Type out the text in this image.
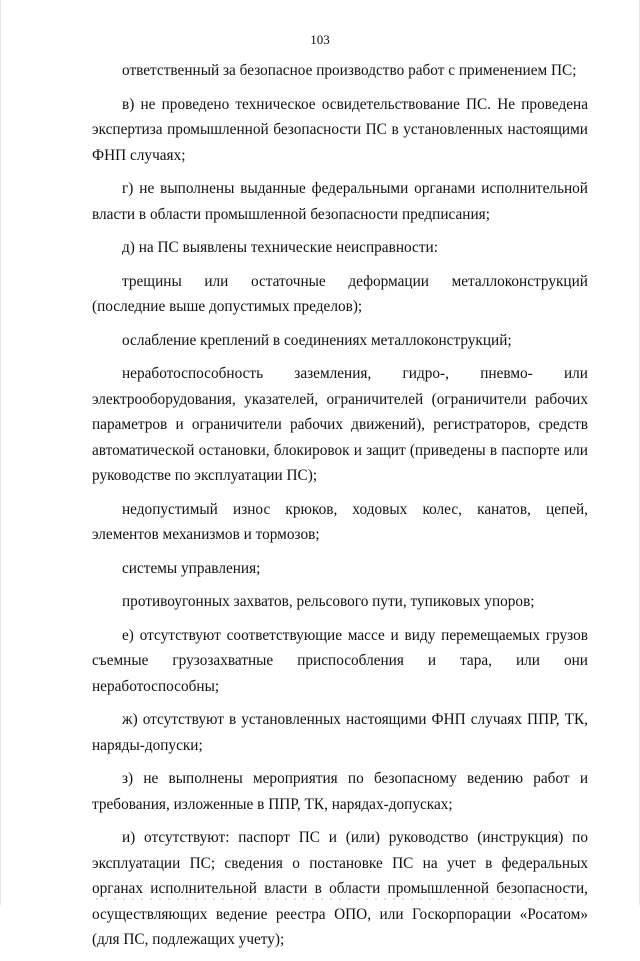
103

ответственный за безопасное производство работ с применением ПС;

в) не проведено техническое освидетельствование ПС. Не проведена экспертиза промышленной безопасности ПС в установленных настоящими ФНП случаях;

г) не выполнены выданные федеральными органами исполнительной власти в области промышленной безопасности предписания;

д) на ПС выявлены технические неисправности:

трещины или остаточные деформации металлоконструкций (последние выше допустимых пределов);

ослабление креплений в соединениях металлоконструкций;

неработоспособность заземления, гидро-, пневмо- или электрооборудования, указателей, ограничителей (ограничители рабочих параметров и ограничители рабочих движений), регистраторов, средств автоматической остановки, блокировок и защит (приведены в паспорте или руководстве по эксплуатации ПС);

недопустимый износ крюков, ходовых колес, канатов, цепей, элементов механизмов и тормозов;

системы управления;

противоугонных захватов, рельсового пути, тупиковых упоров;

е) отсутствуют соответствующие массе и виду перемещаемых грузов съемные грузозахватные приспособления и тара, или они неработоспособны;

ж) отсутствуют в установленных настоящими ФНП случаях ППР, ТК, наряды-допуски;

з) не выполнены мероприятия по безопасному ведению работ и требования, изложенные в ППР, ТК, нарядах-допусках;

и) отсутствуют: паспорт ПС и (или) руководство (инструкция) по эксплуатации ПС; сведения о постановке ПС на учет в федеральных органах исполнительной власти в области промышленной безопасности, осуществляющих ведение реестра ОПО, или Госкорпорации «Росатом» (для ПС, подлежащих учету);
